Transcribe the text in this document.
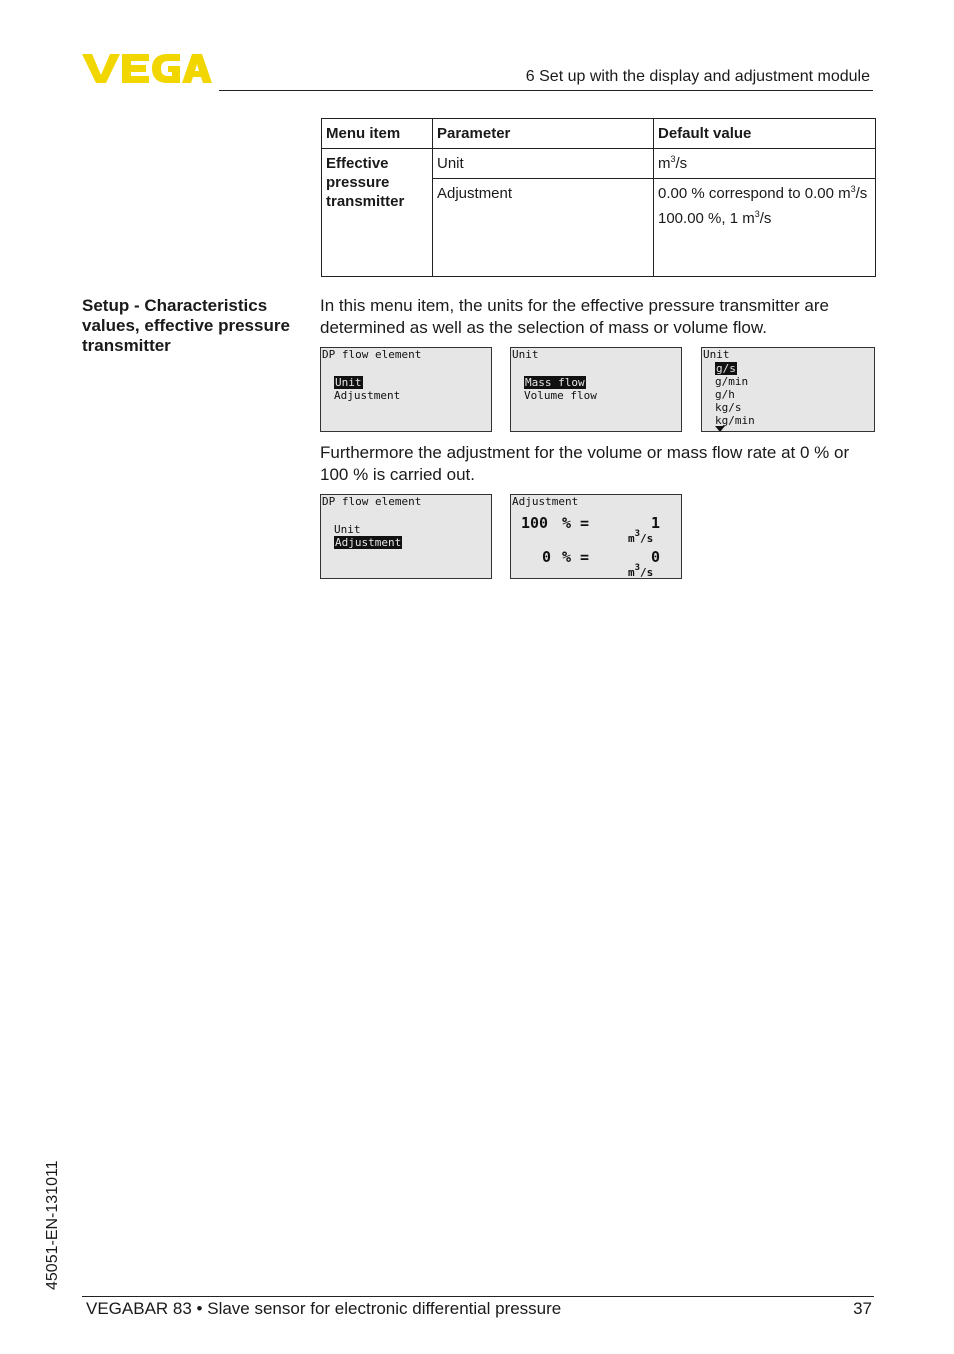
6 Set up with the display and adjustment module
Menu item	Parameter	Default value
Effective pressure transmitter	Unit	$m^3/s$
	Adjustment	0.00 % correspond to 0.00 $m^3/s$
100.00 %, 1 $m^3/s$
Setup - Characteristics values, effective pressure transmitter
In this menu item, the units for the effective pressure transmitter are determined as well as the selection of mass or volume flow.
DP flow element
Unit
Adjustment
Unit
Mass flow
Volume flow
Unit
g/s
g/min
g/h
kg/s
kg/min
Furthermore the adjustment for the volume or mass flow rate at 0 % or 100 % is carried out.
DP flow element
Unit
Adjustment
Adjustment
100 % =	1
$m^3/s$
0 % =	0
$m^3/s$
45051-EN-131011
VEGABAR 83 • Slave sensor for electronic differential pressure	37
